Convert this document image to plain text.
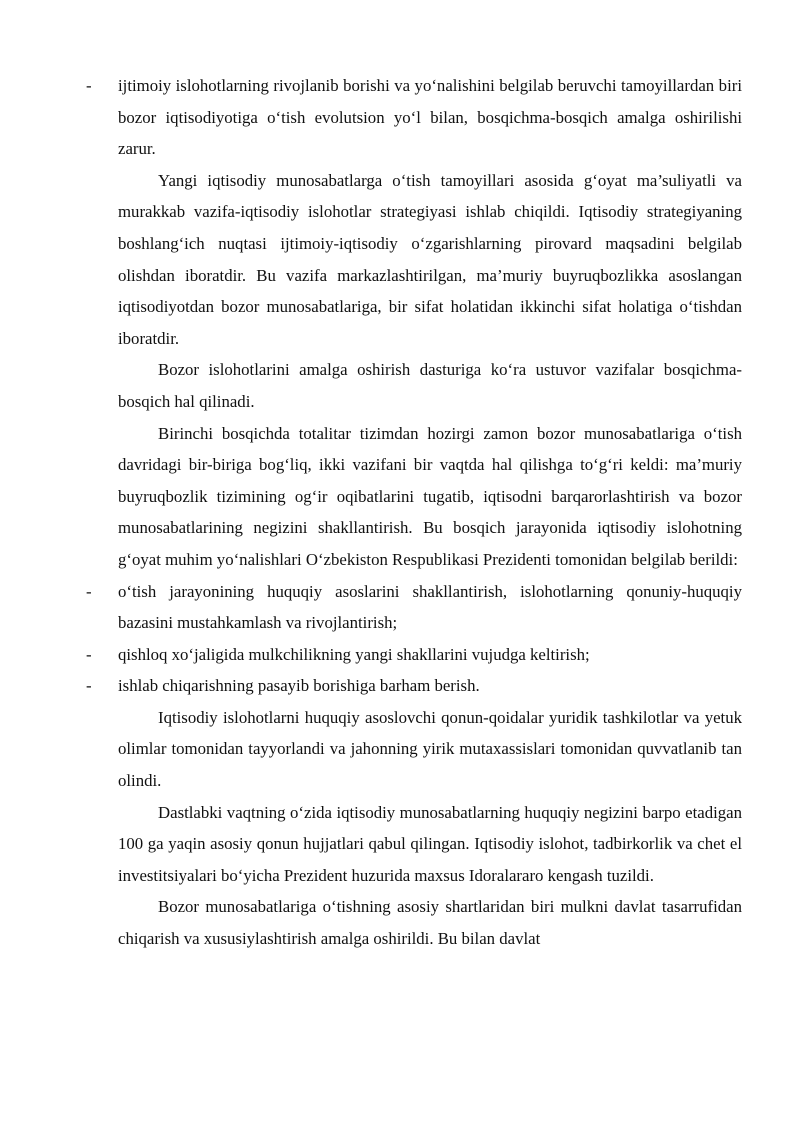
- ijtimoiy islohotlarning rivojlanib borishi va yo‘nalishini belgilab beruvchi tamoyillardan biri bozor iqtisodiyotiga o‘tish evolutsion yo‘l bilan, bosqichma-bosqich amalga oshirilishi zarur.

Yangi iqtisodiy munosabatlarga o‘tish tamoyillari asosida g‘oyat ma’suliyatli va murakkab vazifa-iqtisodiy islohotlar strategiyasi ishlab chiqildi. Iqtisodiy strategiyaning boshlang‘ich nuqtasi ijtimoiy-iqtisodiy o‘zgarishlarning pirovard maqsadini belgilab olishdan iboratdir. Bu vazifa markazlashtirilgan, ma’muriy buyruqbozlikka asoslangan iqtisodiyotdan bozor munosabatlariga, bir sifat holatidan ikkinchi sifat holatiga o‘tishdan iboratdir.

Bozor islohotlarini amalga oshirish dasturiga ko‘ra ustuvor vazifalar bosqichma-bosqich hal qilinadi.

Birinchi bosqichda totalitar tizimdan hozirgi zamon bozor munosabatlariga o‘tish davridagi bir-biriga bog‘liq, ikki vazifani bir vaqtda hal qilishga to‘g‘ri keldi: ma’muriy buyruqbozlik tizimining og‘ir oqibatlarini tugatib, iqtisodni barqarorlashtirish va bozor munosabatlarining negizini shakllantirish. Bu bosqich jarayonida iqtisodiy islohotning g‘oyat muhim yo‘nalishlari O‘zbekiston Respublikasi Prezidenti tomonidan belgilab berildi:

- o‘tish jarayonining huquqiy asoslarini shakllantirish, islohotlarning qonuniy-huquqiy bazasini mustahkamlash va rivojlantirish;
- qishloq xo‘jaligida mulkchilikning yangi shakllarini vujudga keltirish;
- ishlab chiqarishning pasayib borishiga barham berish.

Iqtisodiy islohotlarni huquqiy asoslovchi qonun-qoidalar yuridik tashkilotlar va yetuk olimlar tomonidan tayyorlandi va jahonning yirik mutaxassislari tomonidan quvvatlanib tan olindi.

Dastlabki vaqtning o‘zida iqtisodiy munosabatlarning huquqiy negizini barpo etadigan 100 ga yaqin asosiy qonun hujjatlari qabul qilingan. Iqtisodiy islohot, tadbirkorlik va chet el investitsiyalari bo‘yicha Prezident huzurida maxsus Idoralararo kengash tuzildi.

Bozor munosabatlariga o‘tishning asosiy shartlaridan biri mulkni davlat tasarrufidan chiqarish va xususiylashtirish amalga oshirildi. Bu bilan davlat
